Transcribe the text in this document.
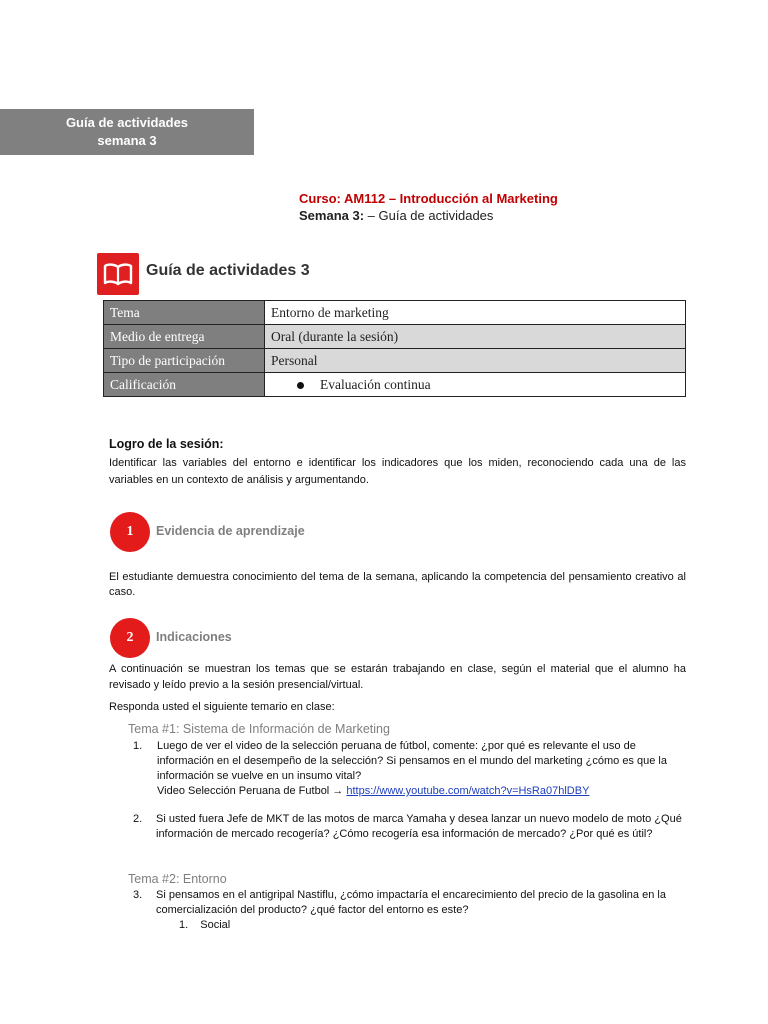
Guía de actividades
semana 3
Curso: AM112 – Introducción al Marketing
Semana 3: – Guía de actividades
Guía de actividades 3
Tema	Entorno de marketing
Medio de entrega	Oral (durante la sesión)
Tipo de participación	Personal
Calificación	Evaluación continua
Logro de la sesión:
Identificar las variables del entorno e identificar los indicadores que los miden, reconociendo cada una de las variables en un contexto de análisis y argumentando.
1	Evidencia de aprendizaje
El estudiante demuestra conocimiento del tema de la semana, aplicando la competencia del pensamiento creativo al caso.
2	Indicaciones
A continuación se muestran los temas que se estarán trabajando en clase, según el material que el alumno ha revisado y leído previo a la sesión presencial/virtual.
Responda usted el siguiente temario en clase:
Tema #1: Sistema de Información de Marketing
1. Luego de ver el video de la selección peruana de fútbol, comente: ¿por qué es relevante el uso de información en el desempeño de la selección? Si pensamos en el mundo del marketing ¿cómo es que la información se vuelve en un insumo vital?
Video Selección Peruana de Futbol → https://www.youtube.com/watch?v=HsRa07hlDBY
2. Si usted fuera Jefe de MKT de las motos de marca Yamaha y desea lanzar un nuevo modelo de moto ¿Qué información de mercado recogería? ¿Cómo recogería esa información de mercado? ¿Por qué es útil?
Tema #2: Entorno
3. Si pensamos en el antigripal Nastiflu, ¿cómo impactaría el encarecimiento del precio de la gasolina en la comercialización del producto? ¿qué factor del entorno es este?
1. Social
